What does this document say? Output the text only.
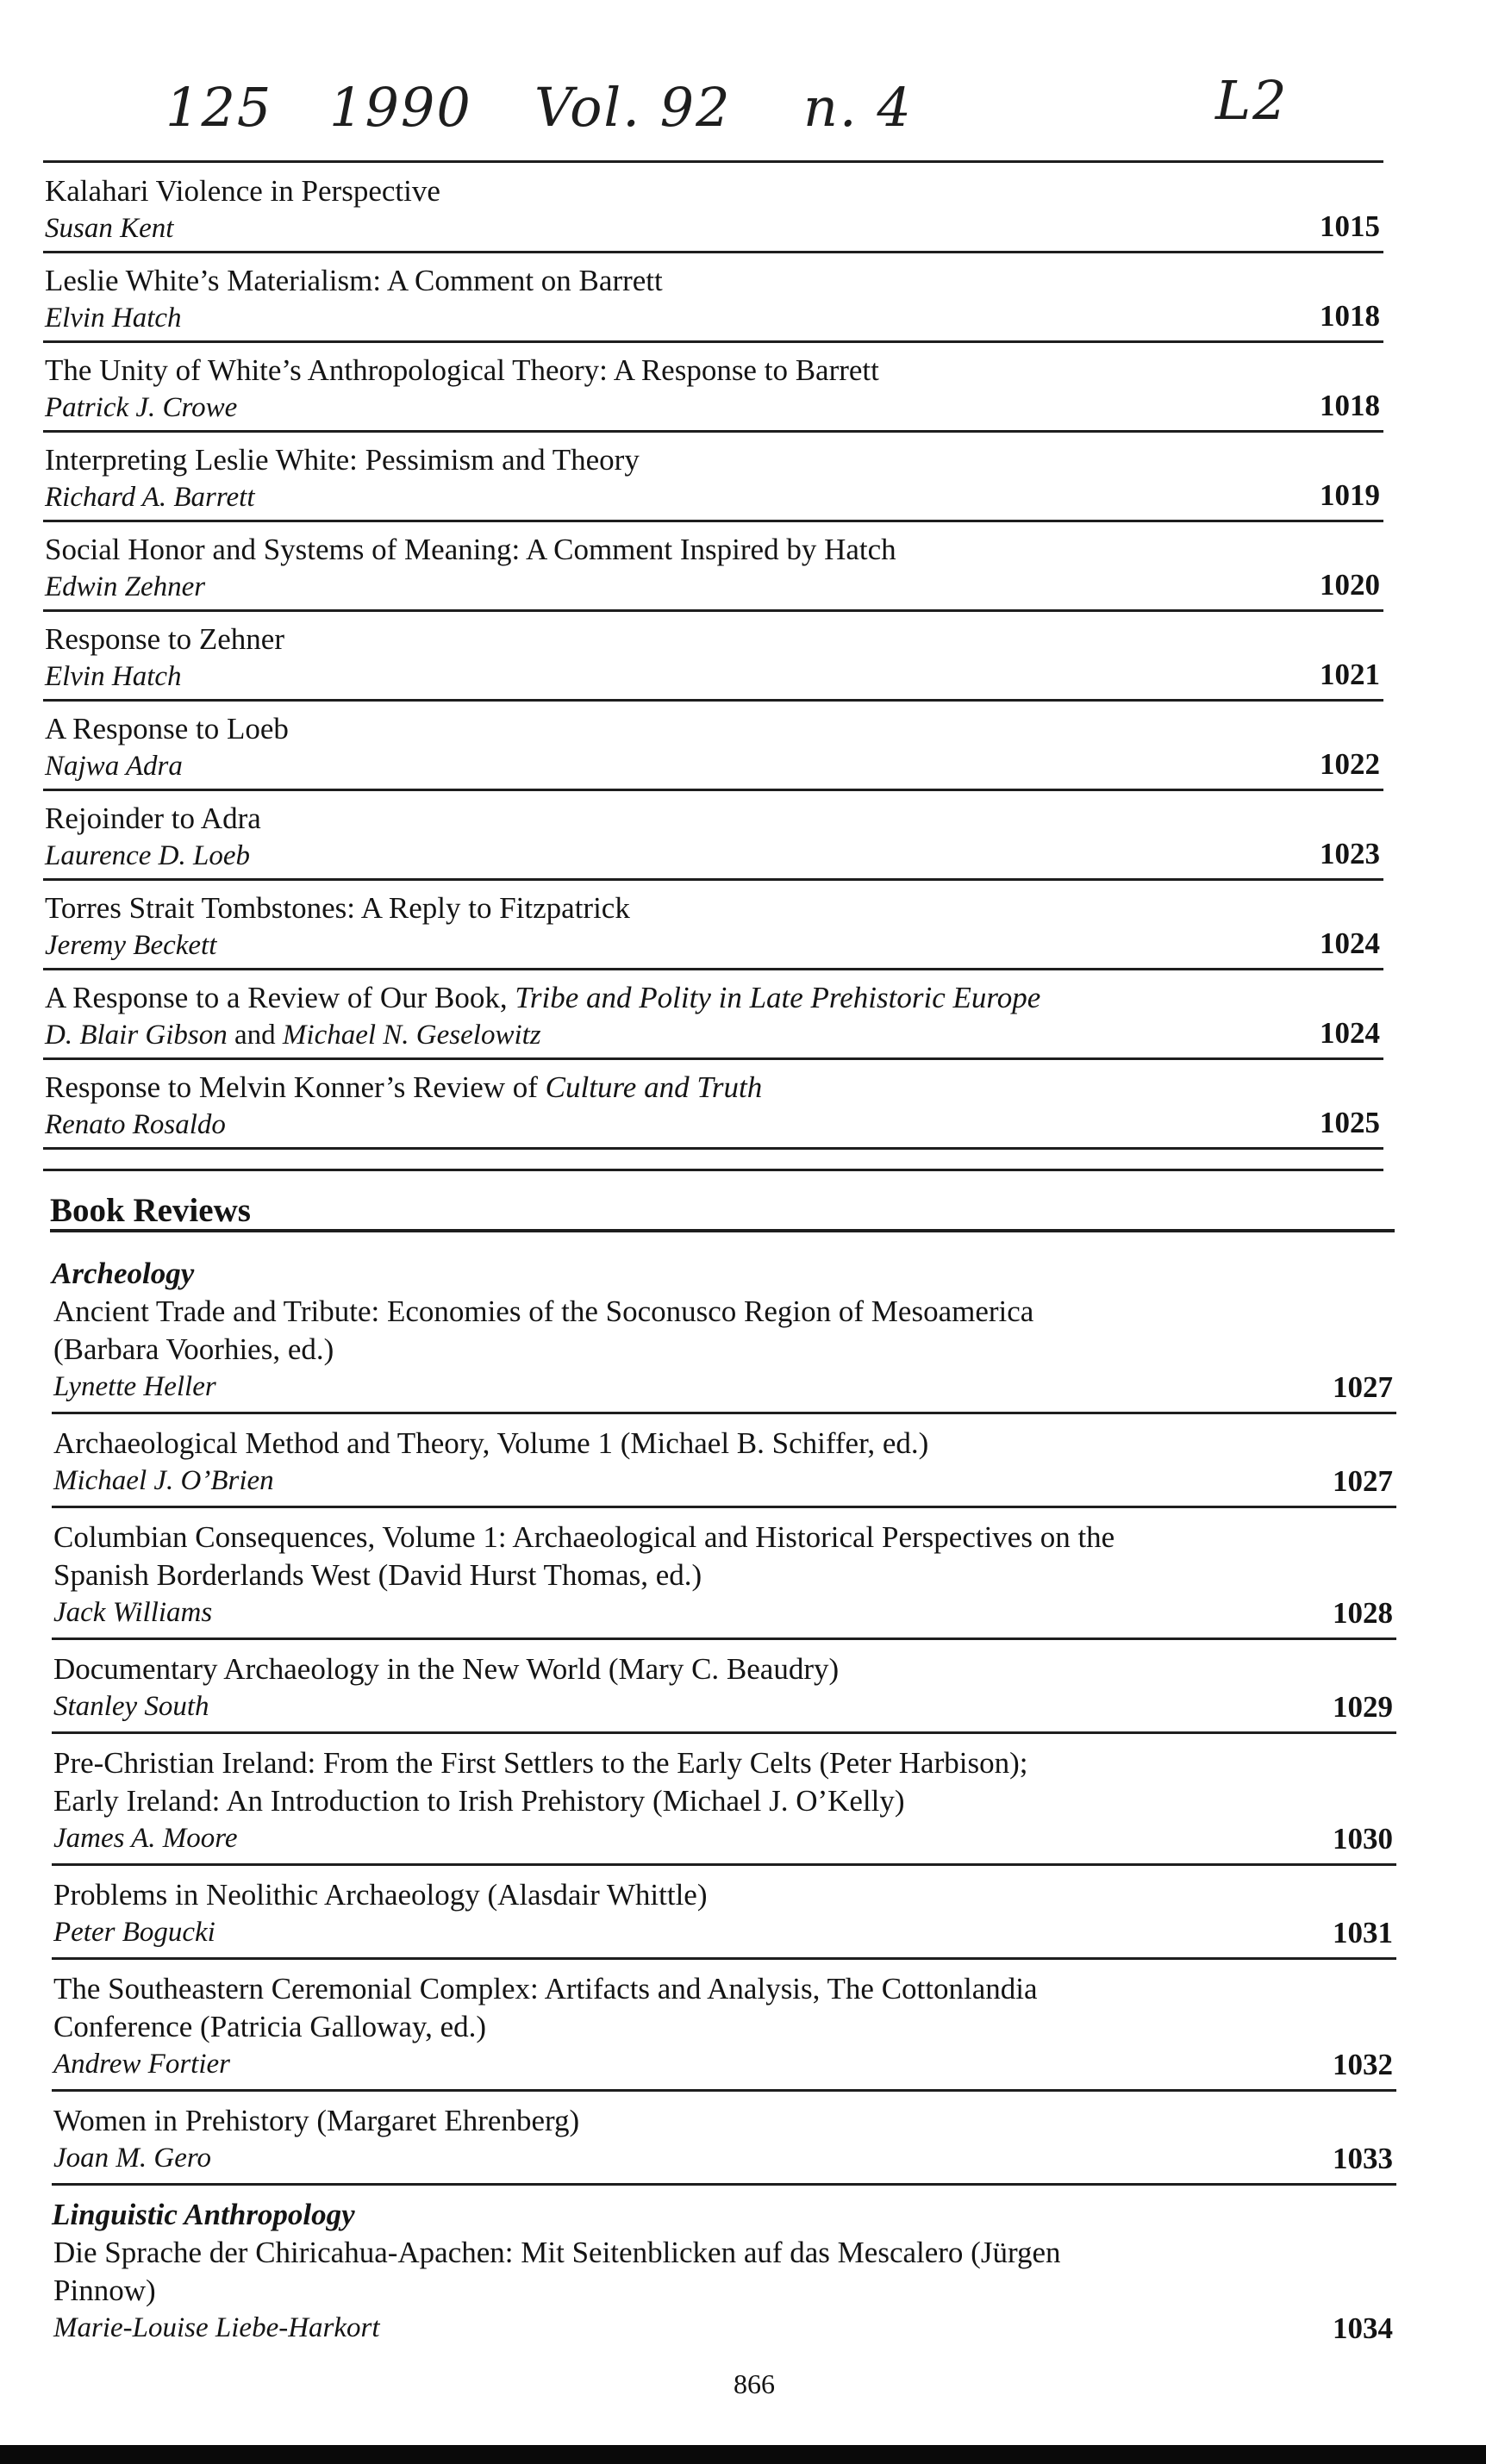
125 1990 Vol. 92 n. 4	L2
Kalahari Violence in Perspective
Susan Kent	1015
Leslie White’s Materialism: A Comment on Barrett
Elvin Hatch	1018
The Unity of White’s Anthropological Theory: A Response to Barrett
Patrick J. Crowe	1018
Interpreting Leslie White: Pessimism and Theory
Richard A. Barrett	1019
Social Honor and Systems of Meaning: A Comment Inspired by Hatch
Edwin Zehner	1020
Response to Zehner
Elvin Hatch	1021
A Response to Loeb
Najwa Adra	1022
Rejoinder to Adra
Laurence D. Loeb	1023
Torres Strait Tombstones: A Reply to Fitzpatrick
Jeremy Beckett	1024
A Response to a Review of Our Book, Tribe and Polity in Late Prehistoric Europe
D. Blair Gibson and Michael N. Geselowitz	1024
Response to Melvin Konner’s Review of Culture and Truth
Renato Rosaldo	1025
Book Reviews
Archeology
Ancient Trade and Tribute: Economies of the Soconusco Region of Mesoamerica
(Barbara Voorhies, ed.)
Lynette Heller	1027
Archaeological Method and Theory, Volume 1 (Michael B. Schiffer, ed.)
Michael J. O’Brien	1027
Columbian Consequences, Volume 1: Archaeological and Historical Perspectives on the
Spanish Borderlands West (David Hurst Thomas, ed.)
Jack Williams	1028
Documentary Archaeology in the New World (Mary C. Beaudry)
Stanley South	1029
Pre-Christian Ireland: From the First Settlers to the Early Celts (Peter Harbison);
Early Ireland: An Introduction to Irish Prehistory (Michael J. O’Kelly)
James A. Moore	1030
Problems in Neolithic Archaeology (Alasdair Whittle)
Peter Bogucki	1031
The Southeastern Ceremonial Complex: Artifacts and Analysis, The Cottonlandia
Conference (Patricia Galloway, ed.)
Andrew Fortier	1032
Women in Prehistory (Margaret Ehrenberg)
Joan M. Gero	1033
Linguistic Anthropology
Die Sprache der Chiricahua-Apachen: Mit Seitenblicken auf das Mescalero (Jürgen
Pinnow)
Marie-Louise Liebe-Harkort	1034
866
